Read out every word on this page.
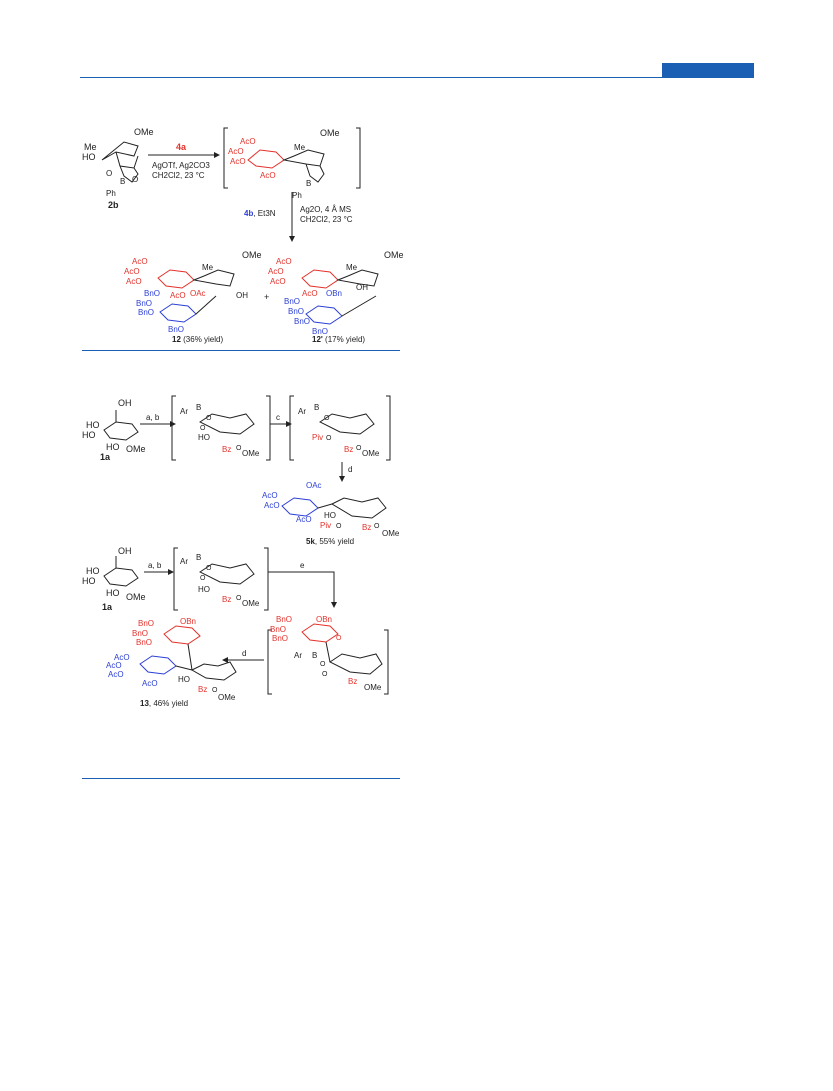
OMe
Me
HO
B
Ph
O
O
2b
4a
AgOTf, Ag2CO3
CH2Cl2, 23 °C
AcO
AcO
AcO
AcO
OMe
Me
B
Ph
4b, Et3N	Ag2O, 4 Å MS
CH2Cl2, 23 °C
AcO
AcO
AcO
AcO
BnO
BnO
BnO
BnO
OAc	OH
OMe
Me
12 (36% yield)
+
AcO
AcO
AcO
AcO
BnO
BnO
BnO
BnO
OBn
OH
OMe
Me
12' (17% yield)
OH
HO
HO
HO OMe
1a
a, b
Ar B
O
O
HO
Bz O
OMe
c
Ar B
O
Piv O
Bz O
OMe
d
OAc
AcO
AcO
AcO HO
Piv O	Bz O
OMe
5k, 55% yield
OH
HO
HO
HO OMe
1a
a, b Ar B
O
O
HO
Bz O
OMe
e
BnO
BnO
BnO
OBn
O
Ar B
O
O
Bz
OMe
d
BnO
BnO
BnO
OBn
AcO
AcO
AcO
AcO	HO
Bz O
OMe
13, 46% yield
